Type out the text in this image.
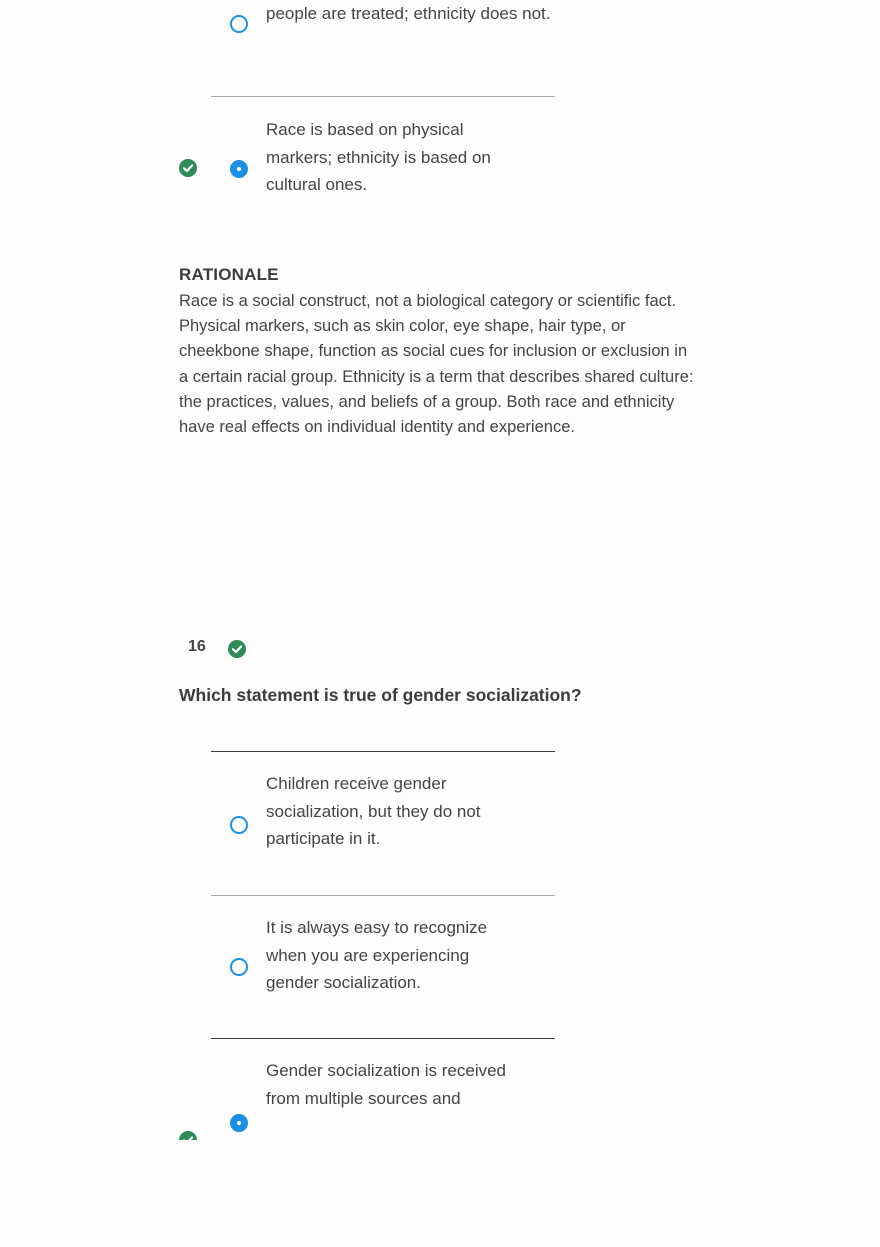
people are treated; ethnicity does not.
Race is based on physical markers; ethnicity is based on cultural ones.
RATIONALE
Race is a social construct, not a biological category or scientific fact. Physical markers, such as skin color, eye shape, hair type, or cheekbone shape, function as social cues for inclusion or exclusion in a certain racial group. Ethnicity is a term that describes shared culture: the practices, values, and beliefs of a group. Both race and ethnicity have real effects on individual identity and experience.
16
Which statement is true of gender socialization?
Children receive gender socialization, but they do not participate in it.
It is always easy to recognize when you are experiencing gender socialization.
Gender socialization is received from multiple sources and
